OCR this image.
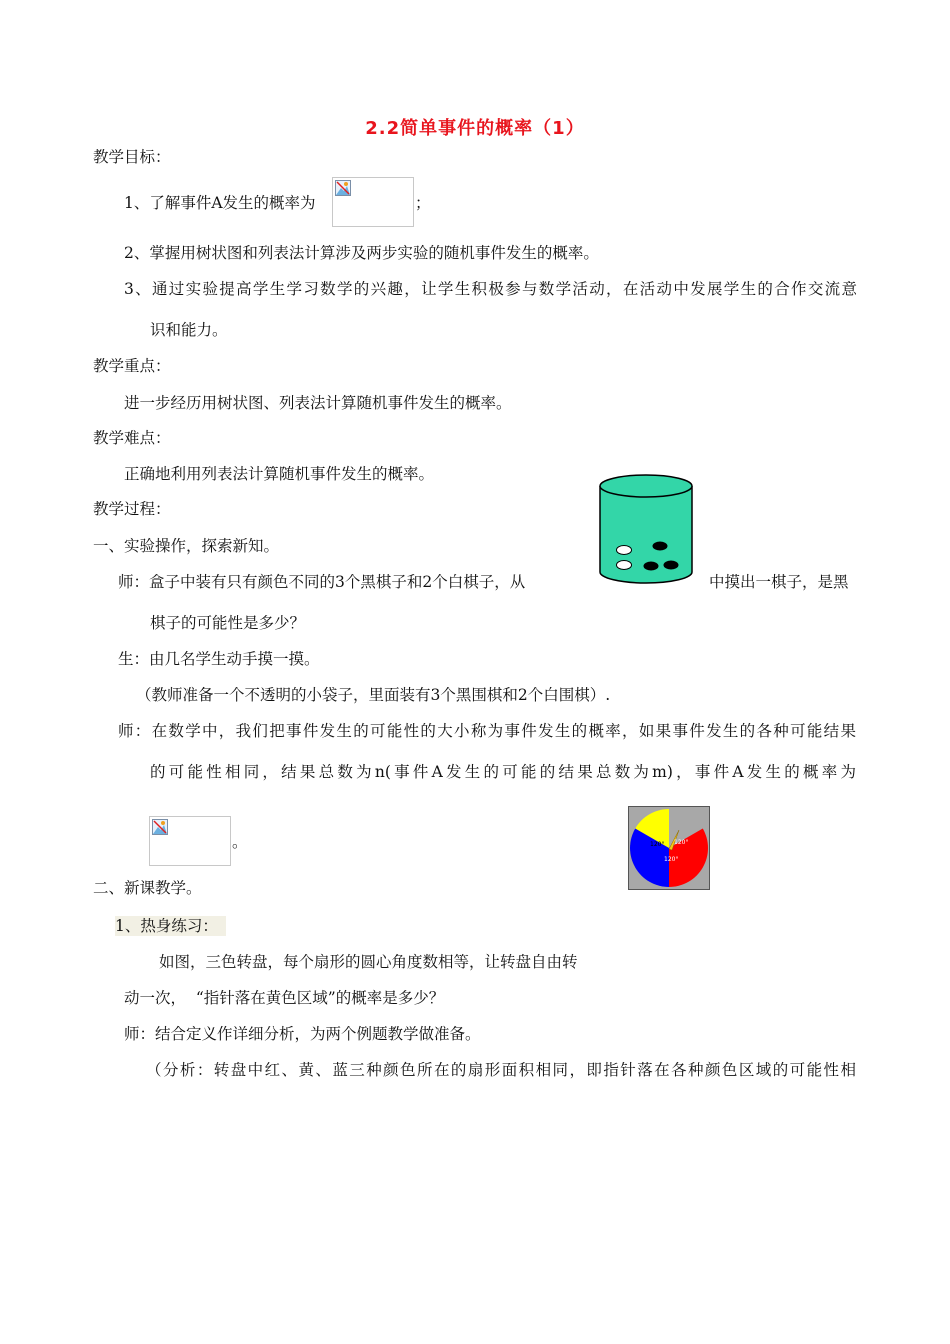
2.2简单事件的概率（1）
教学目标：
1、了解事件A发生的概率为	；
2、掌握用树状图和列表法计算涉及两步实验的随机事件发生的概率。
3、通过实验提高学生学习数学的兴趣，让学生积极参与数学活动，在活动中发展学生的合作交流意
识和能力。
教学重点：
进一步经历用树状图、列表法计算随机事件发生的概率。
教学难点：
正确地利用列表法计算随机事件发生的概率。
教学过程：
一、实验操作，探索新知。
师：盒子中装有只有颜色不同的3个黑棋子和2个白棋子，从	中摸出一棋子，是黑
棋子的可能性是多少？
生：由几名学生动手摸一摸。
（教师准备一个不透明的小袋子，里面装有3个黑围棋和2个白围棋）.
师：在数学中，我们把事件发生的可能性的大小称为事件发生的概率，如果事件发生的各种可能结果
的可能性相同，结果总数为n(事件A发生的可能的结果总数为m)，事件A发生的概率为
。	120° 120°
120°
二、新课教学。
1、热身练习：
如图，三色转盘，每个扇形的圆心角度数相等，让转盘自由转
动一次，  “指针落在黄色区域”的概率是多少？
师：结合定义作详细分析，为两个例题教学做准备。
（分析：转盘中红、黄、蓝三种颜色所在的扇形面积相同，即指针落在各种颜色区域的可能性相
